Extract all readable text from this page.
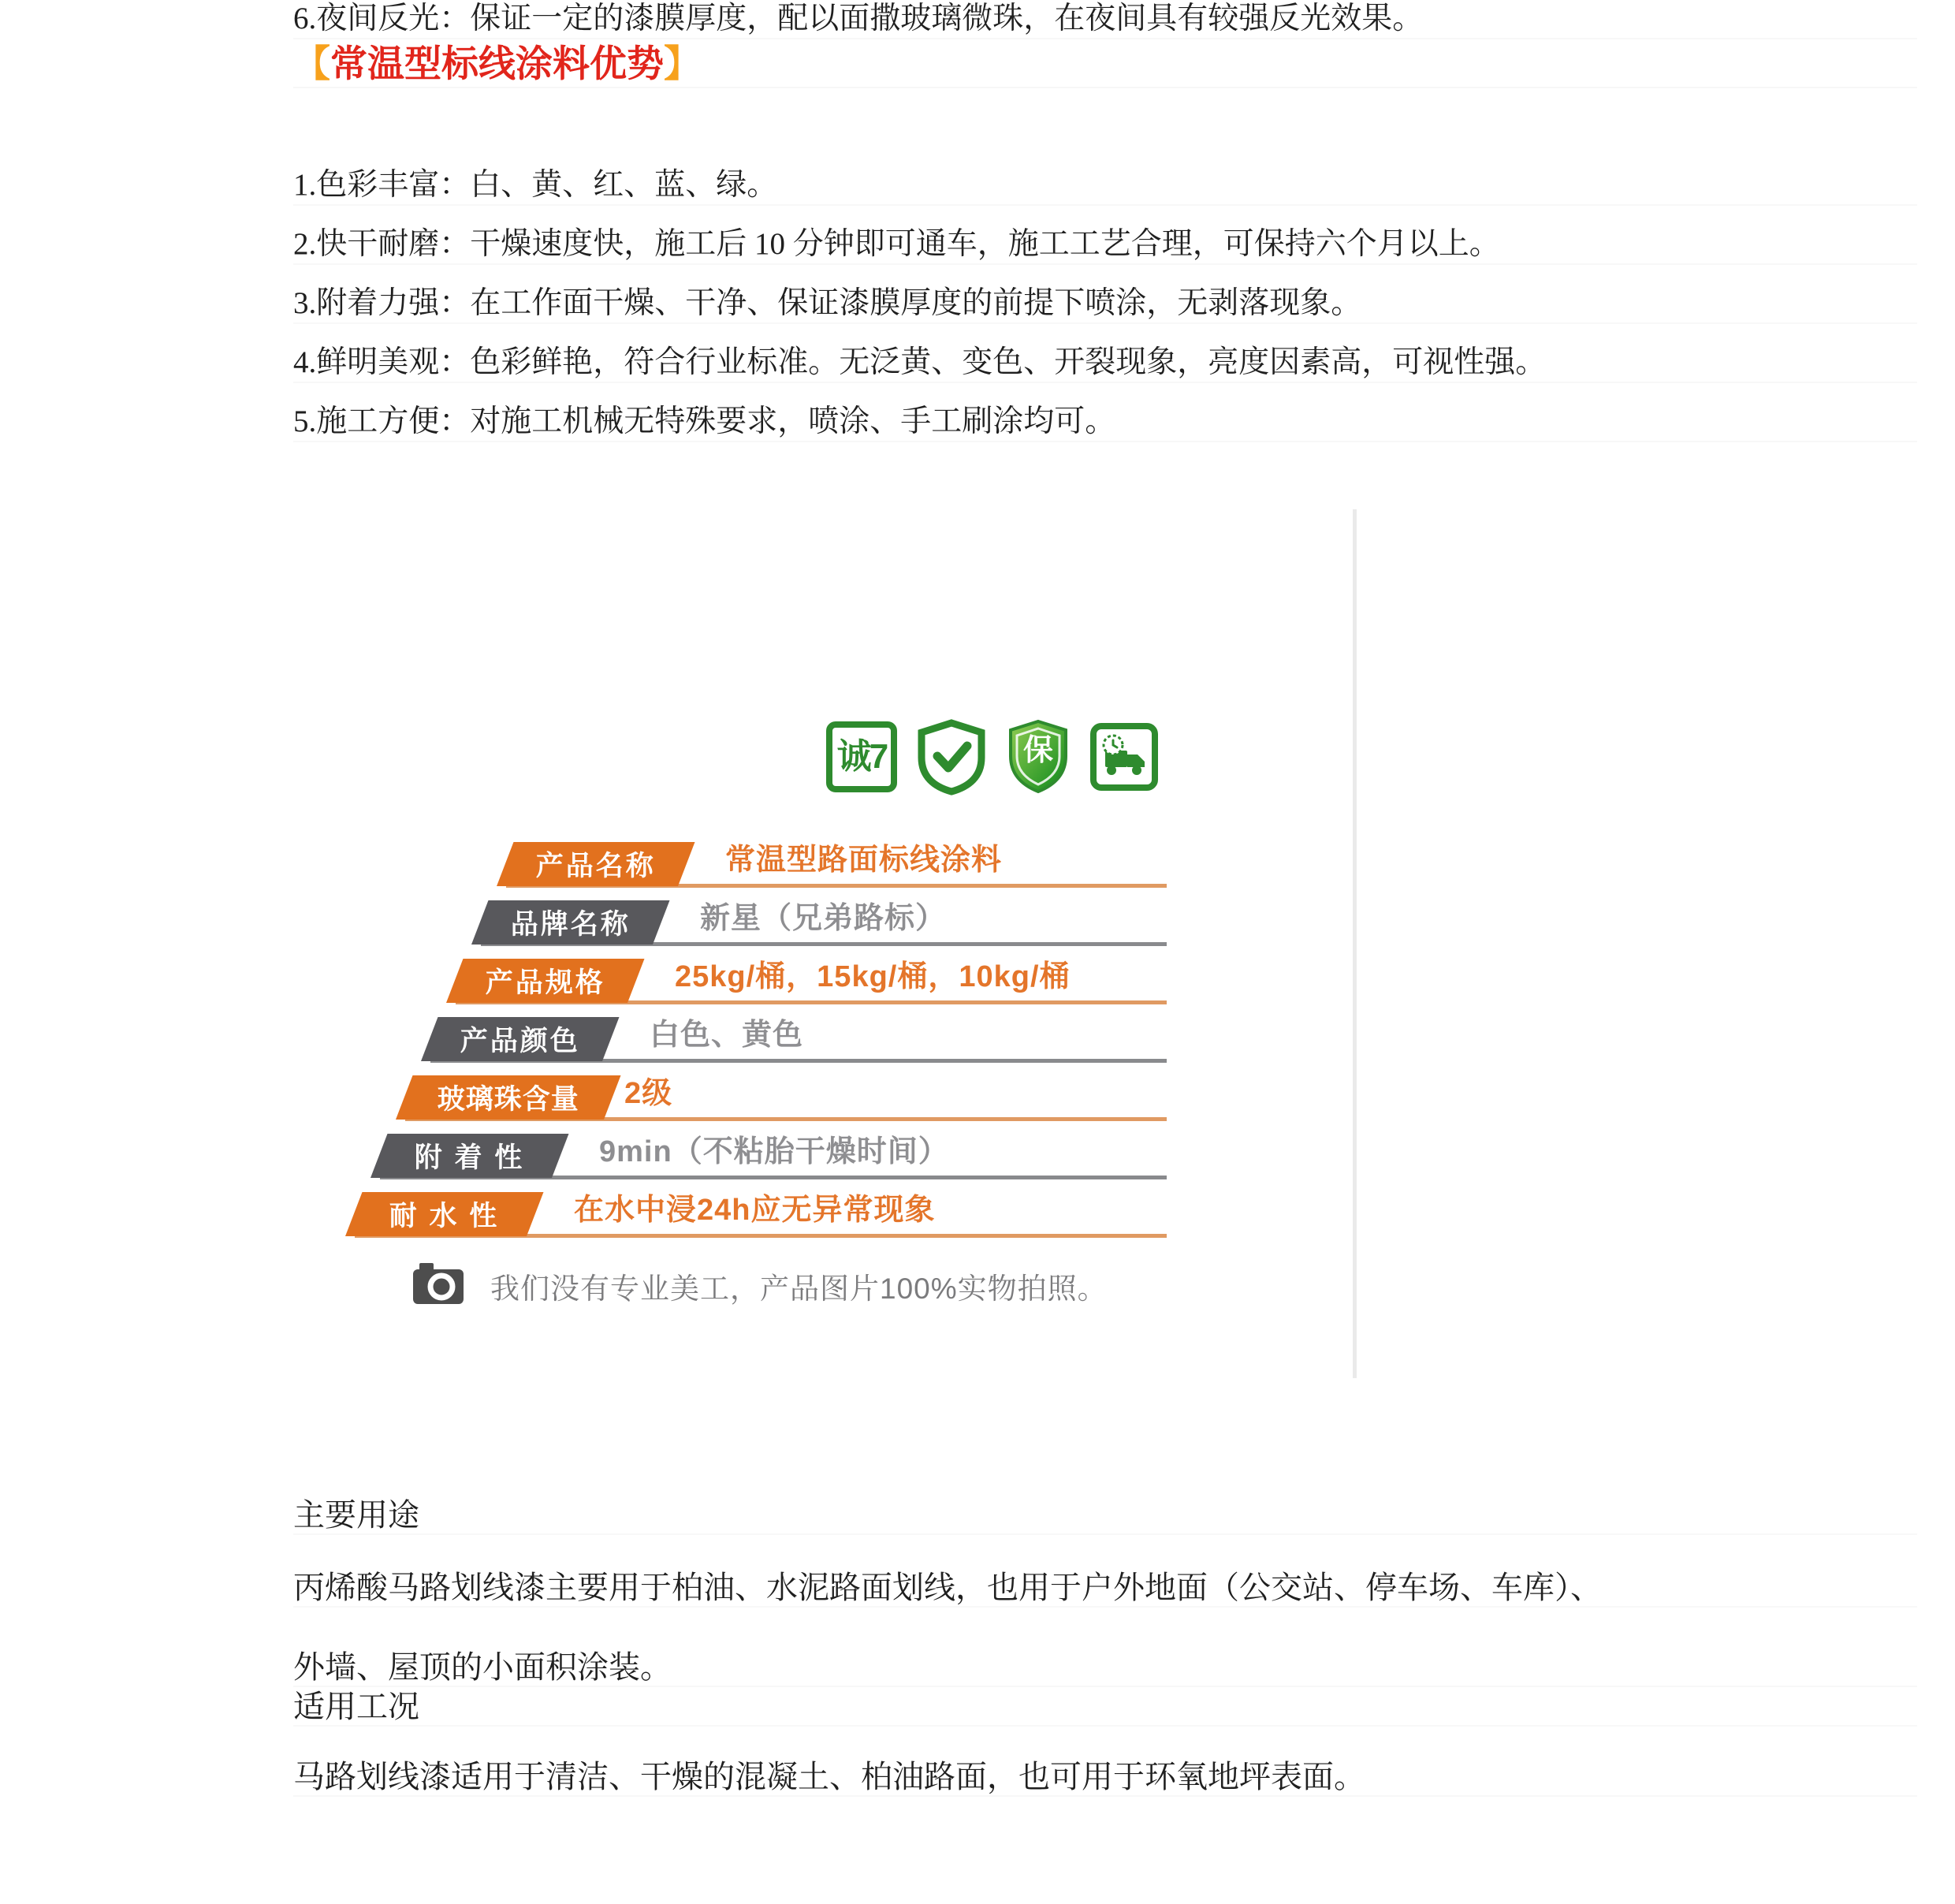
【常温型标线涂料优势】
1.色彩丰富：白、黄、红、蓝、绿。
2.快干耐磨：干燥速度快，施工后 10 分钟即可通车，施工工艺合理，可保持六个月以上。
3.附着力强：在工作面干燥、干净、保证漆膜厚度的前提下喷涂，无剥落现象。
4.鲜明美观：色彩鲜艳，符合行业标准。无泛黄、变色、开裂现象，亮度因素高，可视性强。
5.施工方便：对施工机械无特殊要求，喷涂、手工刷涂均可。
6.夜间反光：保证一定的漆膜厚度，配以面撒玻璃微珠，在夜间具有较强反光效果。
诚7	保
产品名称 常温型路面标线涂料
品牌名称 新星（兄弟路标）
产品规格 25kg/桶，15kg/桶，10kg/桶
产品颜色 白色、黄色
玻璃珠含量 2级
附 着 性 9min（不粘胎干燥时间）
耐 水 性 在水中浸24h应无异常现象
我们没有专业美工，产品图片100%实物拍照。
主要用途
丙烯酸马路划线漆主要用于柏油、水泥路面划线，也用于户外地面（公交站、停车场、车库）、
外墙、屋顶的小面积涂装。
适用工况
马路划线漆适用于清洁、干燥的混凝土、柏油路面，也可用于环氧地坪表面。
